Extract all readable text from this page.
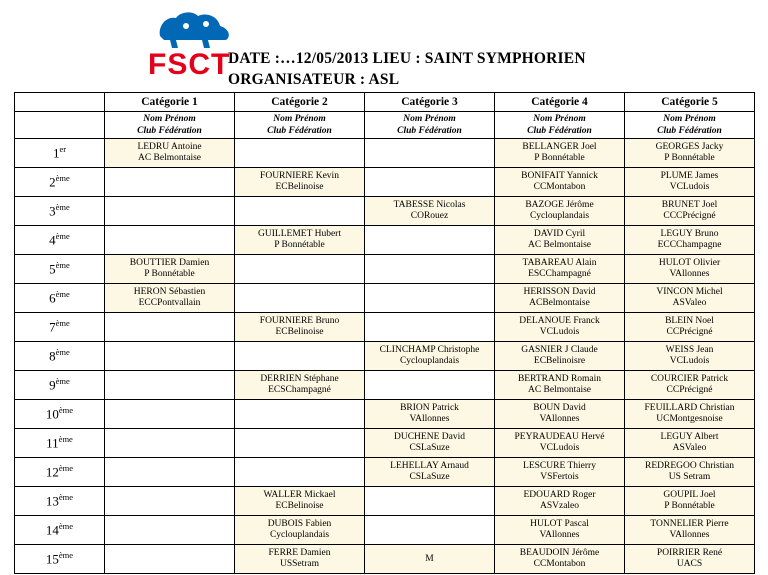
FSCT
DATE :…12/05/2013 LIEU : SAINT SYMPHORIEN
ORGANISATEUR : ASL
	Catégorie 1	Catégorie 2	Catégorie 3	Catégorie 4	Catégorie 5

Nom Prénom
Club Fédération

Nom Prénom
Club Fédération

Nom Prénom
Club Fédération

Nom Prénom
Club Fédération

Nom Prénom
Club Fédération

1er	LEDRU Antoine
AC Belmontaise			BELLANGER Joel
P Bonnétable	GEORGES Jacky
P Bonnétable

2ème		FOURNIERE Kevin
ECBelinoise		BONIFAIT Yannick
CCMontabon	PLUME James
VCLudois

3ème			TABESSE Nicolas
CORouez	BAZOGE Jérôme
Cyclouplandais	BRUNET Joel
CCCPrécigné

4ème		GUILLEMET Hubert
P Bonnétable		DAVID Cyril
AC Belmontaise	LEGUY Bruno
ECCChampagne

5ème	BOUTTIER Damien
P Bonnétable			TABAREAU Alain
ESCChampagné	HULOT Olivier
VAllonnes

6ème	HERON Sébastien
ECCPontvallain			HERISSON David
ACBelmontaise	VINCON Michel
ASValeo

7ème		FOURNIERE Bruno
ECBelinoise		DELANOUE Franck
VCLudois	BLEIN Noel
CCPrécigné

8ème			CLINCHAMP Christophe
Cyclouplandais	GASNIER J Claude
ECBelinoisre	WEISS Jean
VCLudois

9ème		DERRIEN Stéphane
ECSChampagné		BERTRAND Romain
AC Belmontaise	COURCIER Patrick
CCPrécigné

10ème			BRION Patrick
VAllonnes	BOUN David
VAllonnes	FEUILLARD Christian
UCMontgesnoise

11ème			DUCHENE David
CSLaSuze	PEYRAUDEAU Hervé
VCLudois	LEGUY Albert
ASValeo

12ème			LEHELLAY Arnaud
CSLaSuze	LESCURE Thierry
VSFertois	REDREGOO Christian
US Setram

13ème		WALLER Mickael
ECBelinoise		EDOUARD Roger
ASVzaleo	GOUPIL Joel
P Bonnétable

14ème		DUBOIS Fabien
Cyclouplandais		HULOT Pascal
VAllonnes	TONNELIER Pierre
VAllonnes

15ème		FERRE Damien
USSetram	M	BEAUDOIN Jérôme
CCMontabon	POIRRIER René
UACS
